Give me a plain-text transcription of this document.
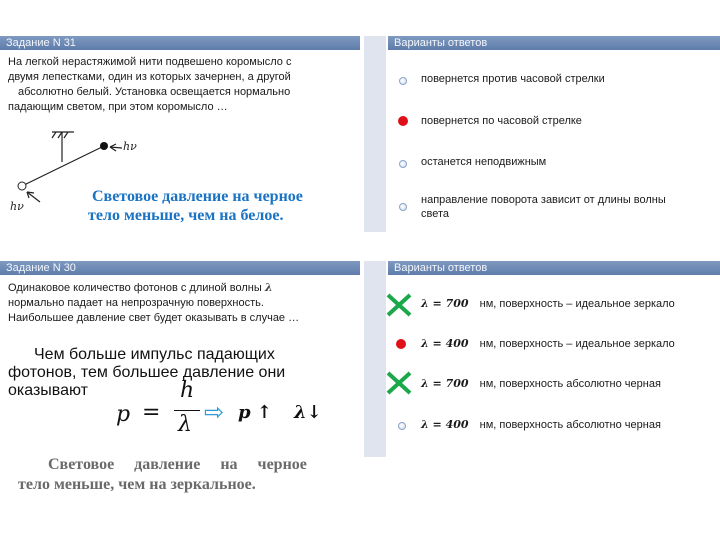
Задание N 31
На легкой нерастяжимой нити подвешено коромысло с
двумя лепестками, один из которых зачернен, а другой
абсолютно белый. Установка освещается нормально
падающим светом, при этом коромысло …
hν
hν
Световое давление на черное
тело меньше, чем на белое.
Варианты ответов
повернется против часовой стрелки
повернется по часовой стрелке
останется неподвижным
направление поворота зависит от длины волны
света
Задание N 30
Одинаковое количество фотонов с длиной волны λ
нормально падает на непрозрачную поверхность.
Наибольшее давление свет будет оказывать в случае …
Чем больше импульс падающих
фотонов, тем большее давление они
оказывают
p =
h
λ ⇨ p ↑ λ↓
Световое давление на черное
тело меньше, чем на зеркальное.
Варианты ответов
λ = 700 нм, поверхность – идеальное зеркало
λ = 400 нм, поверхность – идеальное зеркало
λ = 700 нм, поверхность абсолютно черная
λ = 400 нм, поверхность абсолютно черная
